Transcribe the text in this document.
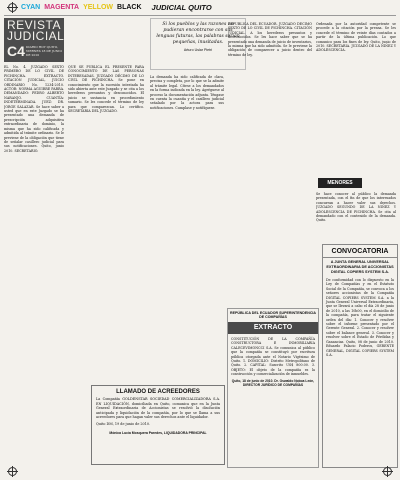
CYAN MAGENTA YELLOW BLACK JUDICIAL QUITO
REVISTA
JUDICIAL
C4 DIARIO HOY QUITO, VIERNES 18 DE JUNIO DE 2010
Si los pueblos y las razones no pudieran encontrarse con sus lenguas futuras, las palabras serían pequeñas, inusitadas.
Arturo Uslar Pietri
EL No. 4. JUZGADO SEXTO PRIMERO DE LO CIVIL DE PICHINCHA. EXTRACTO. CITACIÓN JUDICIAL, JUICIO ORDINARIO No. 1234-2010. ACTOR: NORMA AGUIRRE PARRA. DEMANDADO: PEDRO ALBERTO NARANJO. CUANTÍA: INDETERMINADA. JUEZ: DR. JORGE SALAZAR. Se hace saber a usted que en este Juzgado se ha presentado una demanda de prescripción adquisitiva extraordinaria de dominio, la misma que ha sido calificada y admitida al trámite ordinario. Se le previene de la obligación que tiene de señalar casillero judicial para sus notificaciones. Quito, junio 2010. SECRETARIO.
QUE SE PUBLICA EL PRESENTE PARA CONOCIMIENTO DE LAS PERSONAS INTERESADAS. JUZGADO DÉCIMO DE LO CIVIL DE PICHINCHA. Se pone en conocimiento que la sucesión intestada ha sido abierta ante este Juzgado y se cita a los herederos presuntos y desconocidos. El juicio se sustancia en procedimiento sumario. Se les concede el término de ley para que comparezcan. Lo certifico. SECRETARIA DEL JUZGADO.
La demanda ha sido calificada de clara, precisa y completa, por lo que se la admite al trámite legal. Cítese a los demandados en la forma indicada en la ley. Agréguese al proceso la documentación adjunta. Téngase en cuenta la cuantía y el casillero judicial señalado por la actora para sus notificaciones. Cumplase y notifíquese.
REPÚBLICA DEL ECUADOR. JUZGADO DÉCIMO SEXTO DE LO CIVIL DE PICHINCHA. CITACIÓN JUDICIAL. A los herederos presuntos y desconocidos. Se les hace saber que se ha presentado una demanda de juicio de inventarios, la misma que ha sido admitida. Se le previene la obligación de comparecer a juicio dentro del término de ley.
Ordenada por la autoridad competente se procede a la citación por la prensa. Se les concede el término de veinte días contados a partir de la última publicación. Lo que comunico para los fines de ley. Quito, junio de 2010. SECRETARIA. JUZGADO DE LA NIÑEZ Y ADOLESCENCIA.
MENORES
Se hace conocer al público la demanda presentada, con el fin de que los interesados concurran a hacer valer sus derechos. JUZGADO SEGUNDO DE LA NIÑEZ Y ADOLESCENCIA DE PICHINCHA. Se cita al demandado con el contenido de la demanda. Quito.
LLAMADO DE ACREEDORES

La Compañía GOLDENSTAR SOCIEDAD COMERCIALIZADORA S.A. EN LIQUIDACIÓN, domiciliada en Quito, comunica que en la Junta General Extraordinaria de Accionistas se resolvió la disolución anticipada y liquidación de la compañía, por lo que se llama a sus acreedores para que hagan valer sus derechos ante el liquidador.

Quito DM, 19 de junio de 2010.

Mónica Lucía Mosquera Paredes, LIQUIDADORA PRINCIPAL
REPÚBLICA DEL ECUADOR SUPERINTENDENCIA DE COMPAÑÍAS
EXTRACTO
CONSTITUCIÓN DE LA COMPAÑÍA CONSTRUCTORA E INMOBILIARIA CALECEVIMONCCI S.A. Se comunica al público que la compañía se constituyó por escritura pública otorgada ante el Notario Vigésimo de Quito. 1. DOMICILIO: Distrito Metropolitano de Quito. 2. CAPITAL: Suscrito US$ 800.00. 3. OBJETO: El objeto de la compañía es la construcción y comercialización de inmuebles.
Quito, 18 de junio de 2010. Dr. Oswaldo Noboa León, DIRECTOR JURÍDICO DE COMPAÑÍAS
CONVOCATORIA
A JUNTA GENERAL UNIVERSAL EXTRAORDINARIA DE ACCIONISTAS DIGITAL COPIERS SYSTEM S.A.
De conformidad con lo dispuesto en la Ley de Compañías y en el Estatuto Social de la Compañía, se convoca a los señores accionistas de la Compañía DIGITAL COPIERS SYSTEM S.A. a la Junta General Universal Extraordinaria, que se llevará a cabo el día 28 de junio de 2010, a las 10h00, en el domicilio de la compañía, para tratar el siguiente orden del día: 1. Conocer y resolver sobre el informe presentado por el Gerente General. 2. Conocer y resolver sobre el balance general. 3. Conocer y resolver sobre el Estado de Pérdidas y Ganancias. Quito, 08 de junio de 2010. Eduardo Palacio Poderos, GERENTE GENERAL, DIGITAL COPIERS SYSTEM S.A.
